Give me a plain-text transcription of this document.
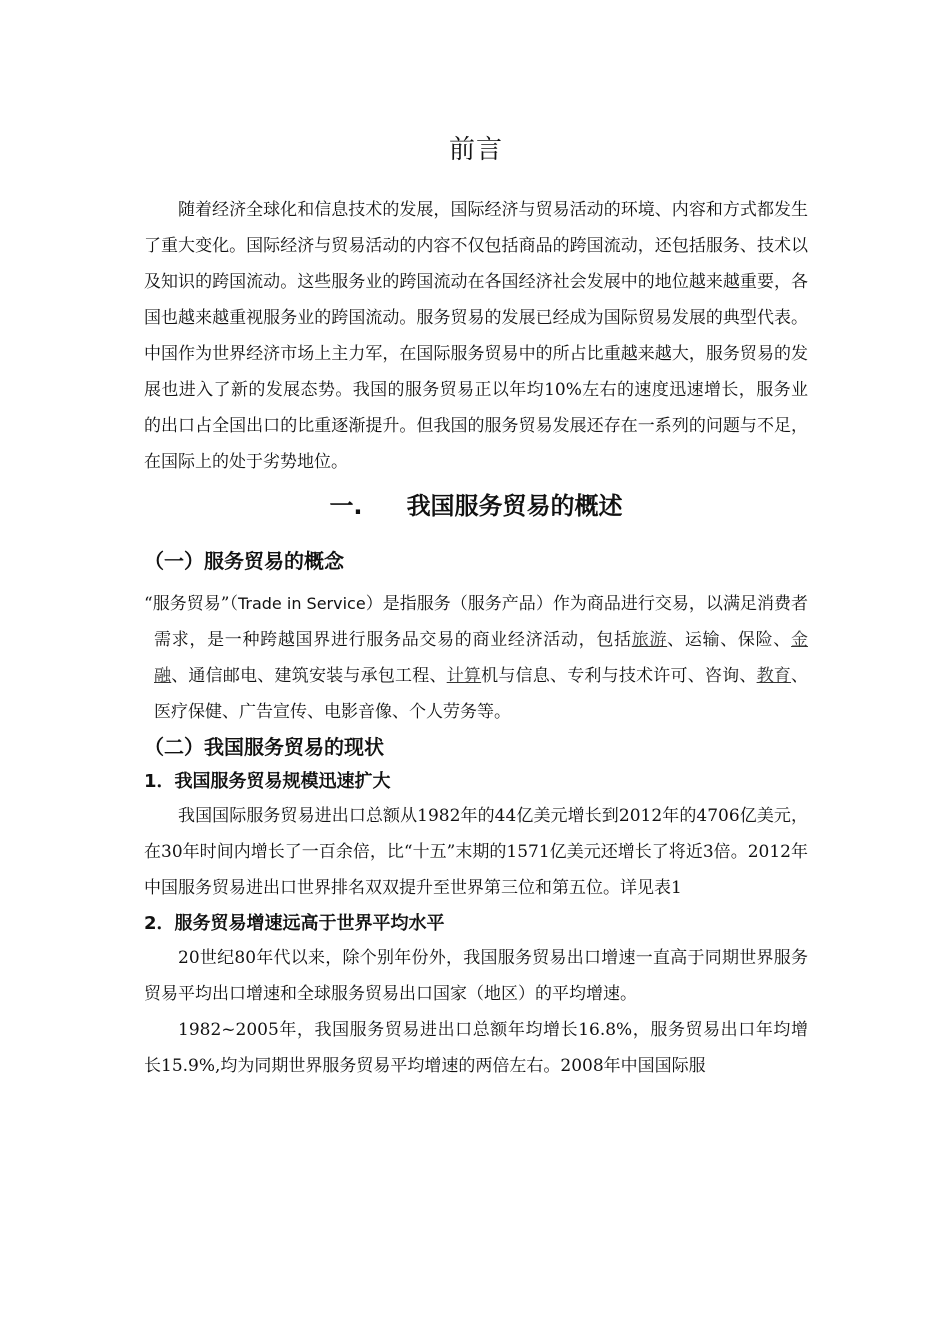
前言

随着经济全球化和信息技术的发展，国际经济与贸易活动的环境、内容和方式都发生了重大变化。国际经济与贸易活动的内容不仅包括商品的跨国流动，还包括服务、技术以及知识的跨国流动。这些服务业的跨国流动在各国经济社会发展中的地位越来越重要，各国也越来越重视服务业的跨国流动。服务贸易的发展已经成为国际贸易发展的典型代表。中国作为世界经济市场上主力军，在国际服务贸易中的所占比重越来越大，服务贸易的发展也进入了新的发展态势。我国的服务贸易正以年均10%左右的速度迅速增长，服务业的出口占全国出口的比重逐渐提升。但我国的服务贸易发展还存在一系列的问题与不足，在国际上的处于劣势地位。

一. 我国服务贸易的概述
（一）服务贸易的概念

“服务贸易”（Trade in Service）是指服务（服务产品）作为商品进行交易，以满足消费者需求，是一种跨越国界进行服务品交易的商业经济活动，包括旅游、运输、保险、金融、通信邮电、建筑安装与承包工程、计算机与信息、专利与技术许可、咨询、教育、医疗保健、广告宣传、电影音像、个人劳务等。

（二）我国服务贸易的现状
1．我国服务贸易规模迅速扩大

我国国际服务贸易进出口总额从1982年的44亿美元增长到2012年的4706亿美元，在30年时间内增长了一百余倍，比“十五”末期的1571亿美元还增长了将近3倍。2012年中国服务贸易进出口世界排名双双提升至世界第三位和第五位。详见表1

2．服务贸易增速远高于世界平均水平

20世纪80年代以来，除个别年份外，我国服务贸易出口增速一直高于同期世界服务贸易平均出口增速和全球服务贸易出口国家（地区）的平均增速。

1982~2005年，我国服务贸易进出口总额年均增长16.8%，服务贸易出口年均增长15.9%,均为同期世界服务贸易平均增速的两倍左右。2008年中国国际服
